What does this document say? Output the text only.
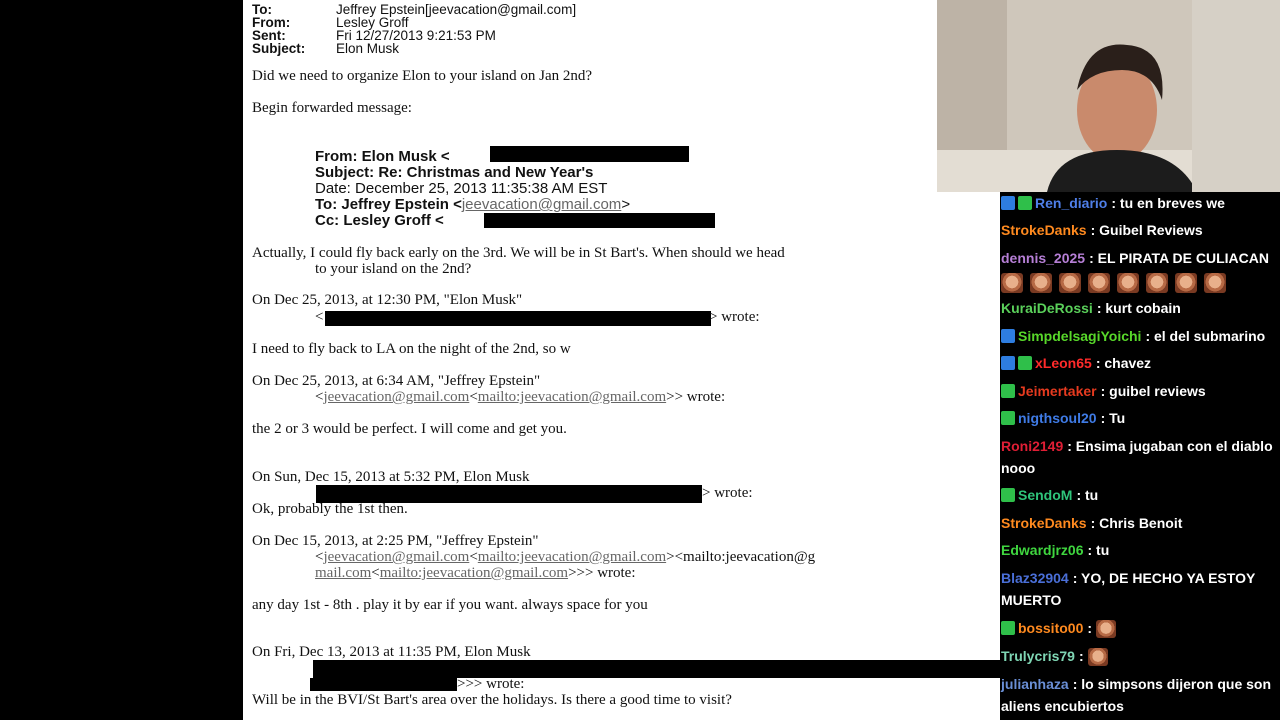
To:	Jeffrey Epstein[jeevacation@gmail.com]
From:	Lesley Groff
Sent:	Fri 12/27/2013 9:21:53 PM
Subject: Elon Musk
Did we need to organize Elon to your island on Jan 2nd?
Begin forwarded message:
From: Elon Musk <
Subject: Re: Christmas and New Year's
Date: December 25, 2013 11:35:38 AM EST
To: Jeffrey Epstein <jeevacation@gmail.com>
Cc: Lesley Groff <
Actually, I could fly back early on the 3rd. We will be in St Bart's. When should we head
to your island on the 2nd?
On Dec 25, 2013, at 12:30 PM, "Elon Musk"
<	> wrote:
I need to fly back to LA on the night of the 2nd, so w
On Dec 25, 2013, at 6:34 AM, "Jeffrey Epstein"
<jeevacation@gmail.com<mailto:jeevacation@gmail.com>> wrote:
the 2 or 3 would be perfect. I will come and get you.
On Sun, Dec 15, 2013 at 5:32 PM, Elon Musk
> wrote:
Ok, probably the 1st then.
On Dec 15, 2013, at 2:25 PM, "Jeffrey Epstein"
<jeevacation@gmail.com<mailto:jeevacation@gmail.com><mailto:jeevacation@g
mail.com<mailto:jeevacation@gmail.com>>> wrote:
any day 1st - 8th . play it by ear if you want. always space for you
On Fri, Dec 13, 2013 at 11:35 PM, Elon Musk
>>> wrote:
Will be in the BVI/St Bart's area over the holidays. Is there a good time to visit?
Ren_diario : tu en breves we
StrokeDanks : Guibel Reviews
dennis_2025 : EL PIRATA DE CULIACAN
KuraiDeRossi : kurt cobain
SimpdelsagiYoichi : el del submarino
xLeon65 : chavez
Jeimertaker : guibel reviews
nigthsoul20 : Tu
Roni2149 : Ensima jugaban con el diablo nooo
SendoM : tu
StrokeDanks : Chris Benoit
Edwardjrz06 : tu
Blaz32904 : YO, DE HECHO YA ESTOY MUERTO
bossito00 :
Trulycris79 :
julianhaza : lo simpsons dijeron que son aliens encubiertos
